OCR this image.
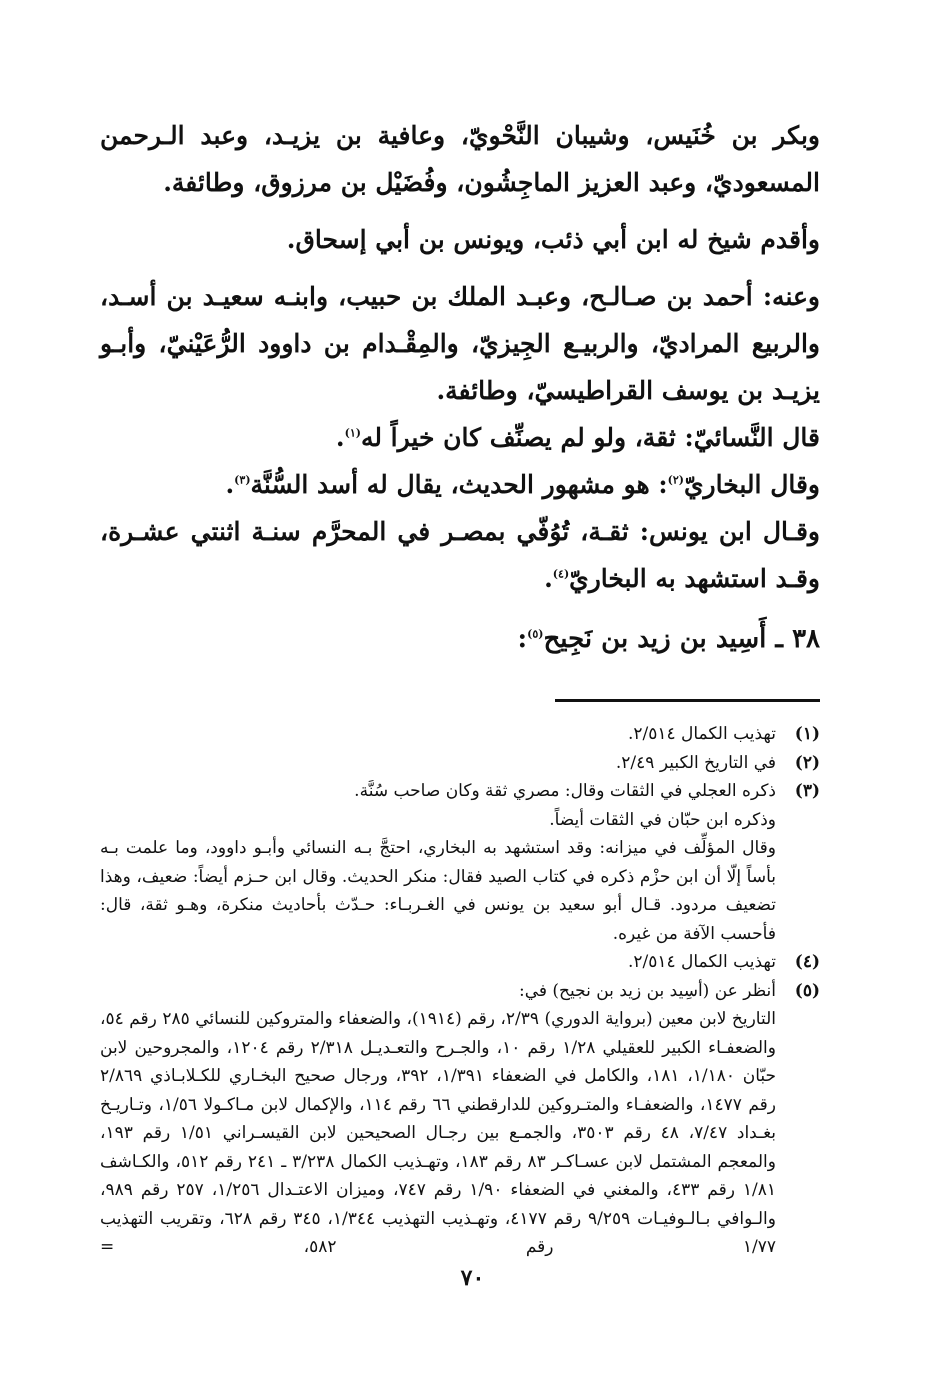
وبكر بن خُنَيس، وشيبان النَّحْويّ، وعافية بن يزيـد، وعبد الـرحمن المسعوديّ، وعبد العزيز الماجِشُون، وفُضَيْل بن مرزوق، وطائفة.

وأقدم شيخ له ابن أبي ذئب، ويونس بن أبي إسحاق.

وعنه: أحمد بن صـالـح، وعبـد الملك بن حبيب، وابنـه سعيـد بن أسـد، والربيع المراديّ، والربيـع الجِيزيّ، والمِقْـدام بن داوود الرُّعَيْنيّ، وأبـو يزيـد بن يوسف القراطيسيّ، وطائفة.

قال النَّسائيّ: ثقة، ولو لم يصنِّف كان خيراً له$^{(١)}$.

وقال البخاريّ$^{(٢)}$: هو مشهور الحديث، يقال له أسد السُّنَّة$^{(٣)}$.

وقـال ابن يونس: ثقـة، تُوُفّي بمصـر في المحرَّم سنـة اثنتي عشـرة، وقـد استشهد به البخاريّ$^{(٤)}$.

٣٨ ـ أَسِيد بن زيد بن نَجِيح$^{(٥)}$:

(١)

تهذيب الكمال ٢/٥١٤.

(٢)

في التاريخ الكبير ٢/٤٩.

(٣)

ذكره العجلي في الثقات وقال: مصري ثقة وكان صاحب سُنَّة.

وذكره ابن حبّان في الثقات أيضاً.

وقال المؤلِّف في ميزانه: وقد استشهد به البخاري، احتجَّ بـه النسائي وأبـو داوود، وما علمت بـه بأساً إلّا أن ابن حزْم ذكره في كتاب الصيد فقال: منكر الحديث. وقال ابن حـزم أيضاً: ضعيف، وهذا تضعيف مردود. قـال أبو سعيد بن يونس في الغـربـاء: حـدّث بأحاديث منكرة، وهـو ثقة، قال: فأحسب الآفة من غيره.

(٤)

تهذيب الكمال ٢/٥١٤.

(٥)

أنظر عن (أسِيد بن زيد بن نجيح) في:

التاريخ لابن معين (برواية الدوري) ٢/٣٩، رقم (١٩١٤)، والضعفاء والمتروكين للنسائي ٢٨٥ رقم ٥٤، والضعفـاء الكبير للعقيلي ١/٢٨ رقم ١٠، والجـرح والتعـديـل ٢/٣١٨ رقم ١٢٠٤، والمجروحين لابن حبّان ١/١٨٠، ١٨١، والكامل في الضعفاء ١/٣٩١، ٣٩٢، ورجال صحيح البخـاري للكـلابـاذي ٢/٨٦٩ رقم ١٤٧٧، والضعفـاء والمتـروكين للدارقطني ٦٦ رقم ١١٤، والإكمال لابن مـاكـولا ١/٥٦، وتـاريـخ بغـداد ٧/٤٧، ٤٨ رقم ٣٥٠٣، والجمـع بين رجـال الصحيحين لابن القيسـراني ١/٥١ رقم ١٩٣، والمعجم المشتمل لابن عسـاكـر ٨٣ رقم ١٨٣، وتهـذيب الكمال ٣/٢٣٨ ـ ٢٤١ رقم ٥١٢، والكـاشف ١/٨١ رقم ٤٣٣، والمغني في الضعفاء ١/٩٠ رقم ٧٤٧، وميزان الاعتـدال ١/٢٥٦، ٢٥٧ رقم ٩٨٩، والـوافي بـالـوفيـات ٩/٢٥٩ رقم ٤١٧٧، وتهـذيب التهذيب ١/٣٤٤، ٣٤٥ رقم ٦٢٨، وتقريب التهذيب ١/٧٧ رقم ٥٨٢، =

٧٠
